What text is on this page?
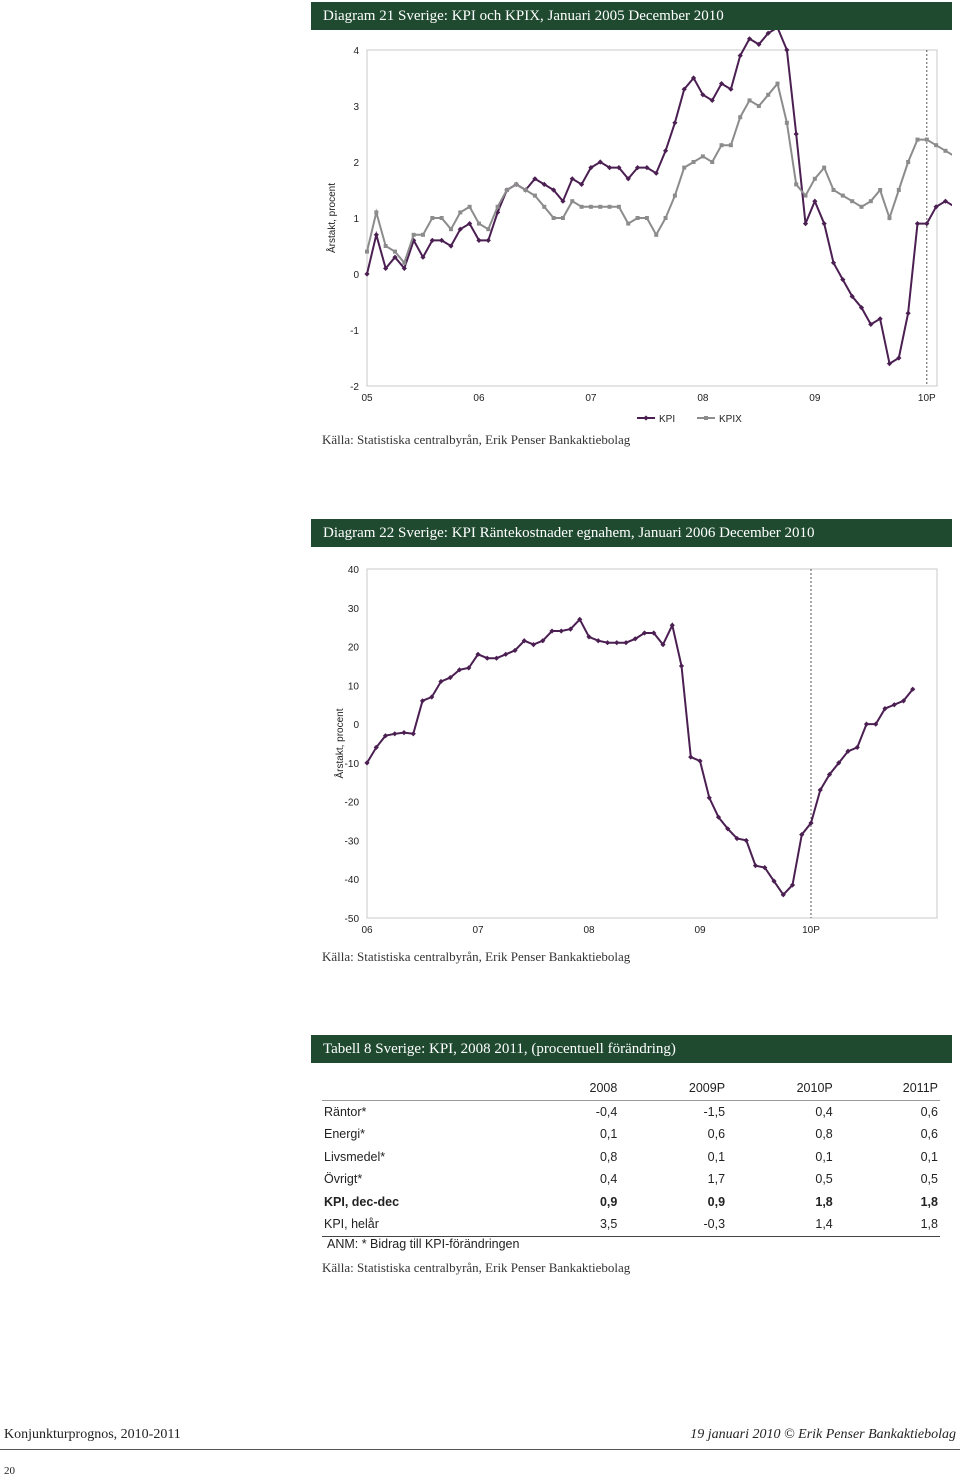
Diagram 21 Sverige: KPI och KPIX, Januari 2005 December 2010
4
3
2
1
0
-1
-2
Årstakt, procent
05	06	07	08	09	10P
KPI	KPIX
Källa: Statistiska centralbyrån, Erik Penser Bankaktiebolag
Diagram 22 Sverige: KPI Räntekostnader egnahem, Januari 2006 December 2010
40
30
20
10
0
-10
-20
-30
-40
-50
Årstakt, procent
06	07	08	09	10P
Källa: Statistiska centralbyrån, Erik Penser Bankaktiebolag
Tabell 8 Sverige: KPI, 2008 2011, (procentuell förändring)
	2008	2009P	2010P	2011P
Räntor*	-0,4	-1,5	0,4	0,6
Energi*	0,1	0,6	0,8	0,6
Livsmedel*	0,8	0,1	0,1	0,1
Övrigt*	0,4	1,7	0,5	0,5
KPI, dec-dec	0,9	0,9	1,8	1,8
KPI, helår	3,5	-0,3	1,4	1,8
ANM: * Bidrag till KPI-förändringen
Källa: Statistiska centralbyrån, Erik Penser Bankaktiebolag
Konjunkturprognos, 2010-2011	19 januari 2010 © Erik Penser Bankaktiebolag
20
